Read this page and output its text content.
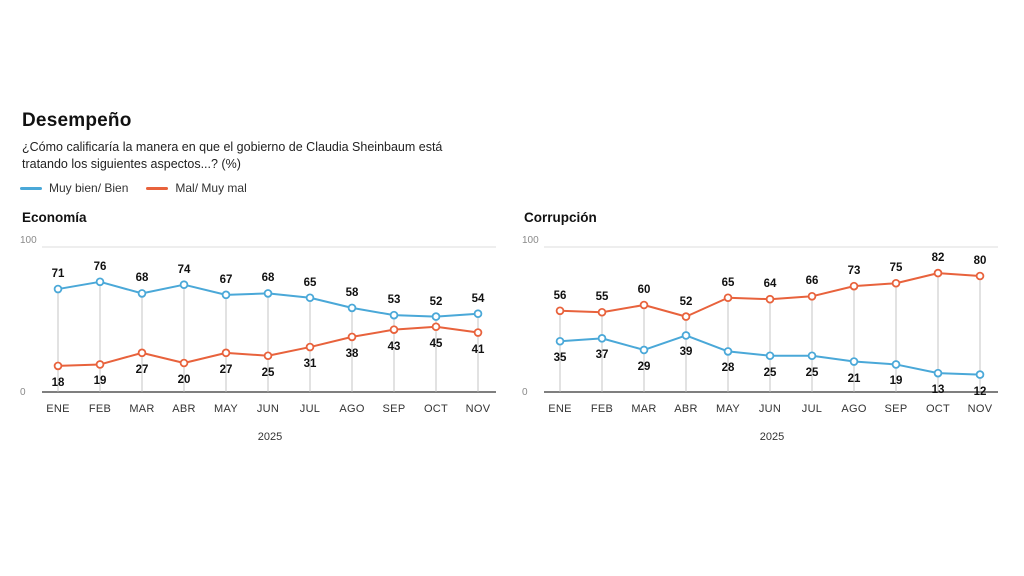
Desempeño

¿Cómo calificaría la manera en que el gobierno de Claudia Sheinbaum está tratando los siguientes aspectos...? (%)

Muy bien/ Bien	Mal/ Muy mal
Economía
100
0
ENE FEB MAR ABR MAY JUN JUL AGO SEP OCT NOV
2025
71
76
68
74
67	68	65
58
53	52	54
18	19
27
20
27	25
31
38
43	45	41
Corrupción
100
0
ENE FEB MAR ABR MAY JUN JUL AGO SEP OCT NOV
2025
35	37
29
39
28	25	25	21	19
13	12
56	55
60
52
65	64	66
73	75
82	80
